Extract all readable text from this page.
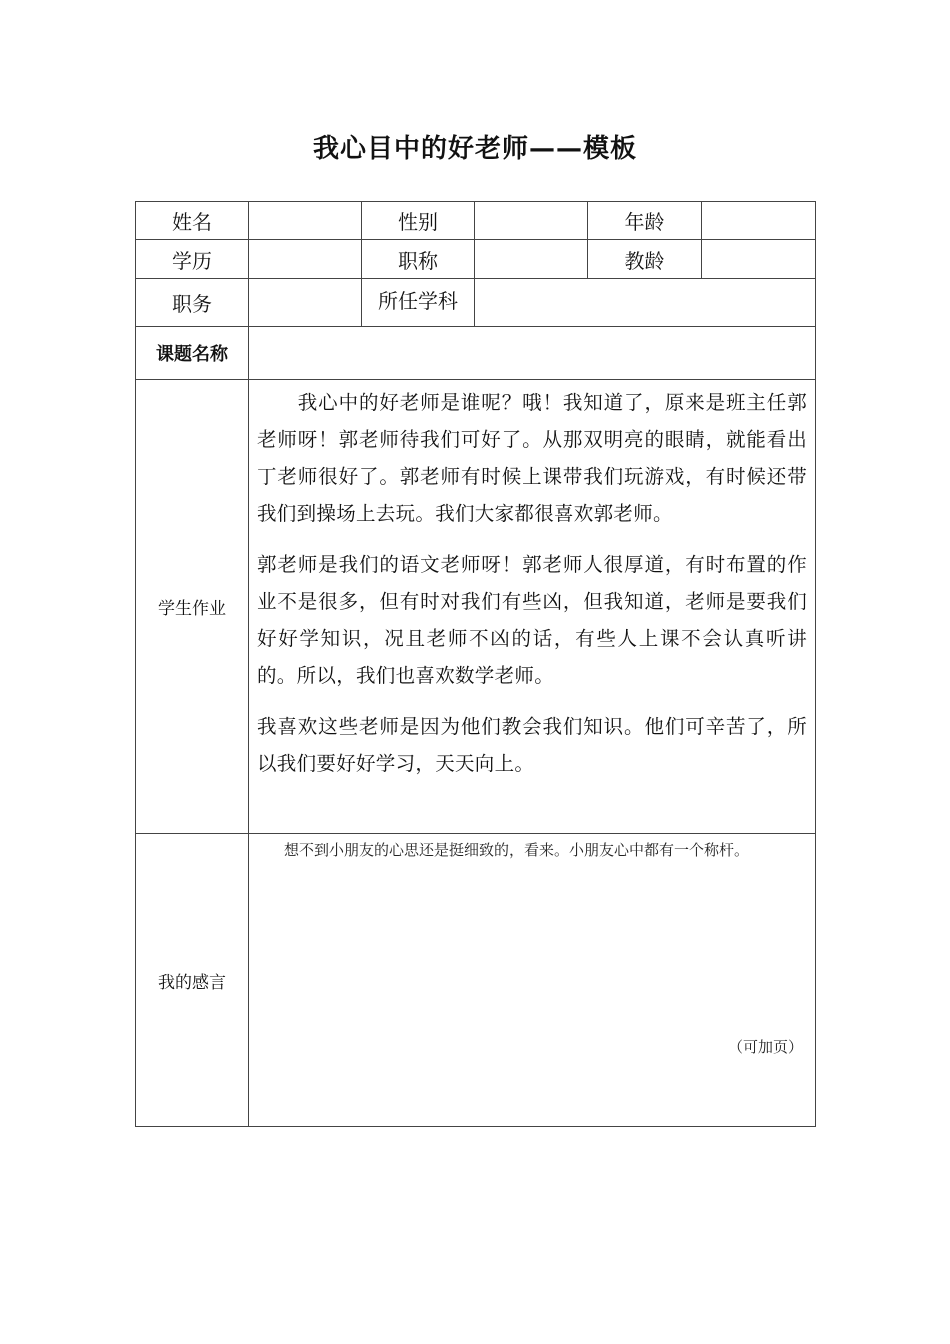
我心目中的好老师——模板
姓名		性别		年龄	
学历		职称		教龄	
职务		所任学科			
课题名称					
学生作业	　　我心中的好老师是谁呢？哦！我知道了，原来是班主任郭老师呀！郭老师待我们可好了。从那双明亮的眼睛，就能看出丁老师很好了。郭老师有时候上课带我们玩游戏，有时候还带我们到操场上去玩。我们大家都很喜欢郭老师。

郭老师是我们的语文老师呀！郭老师人很厚道，有时布置的作业不是很多，但有时对我们有些凶，但我知道，老师是要我们好好学知识，况且老师不凶的话，有些人上课不会认真听讲的。所以，我们也喜欢数学老师。

我喜欢这些老师是因为他们教会我们知识。他们可辛苦了，所以我们要好好学习，天天向上。				

我的感言	想不到小朋友的心思还是挺细致的，看来。小朋友心中都有一个称杆。
（可加页）				
